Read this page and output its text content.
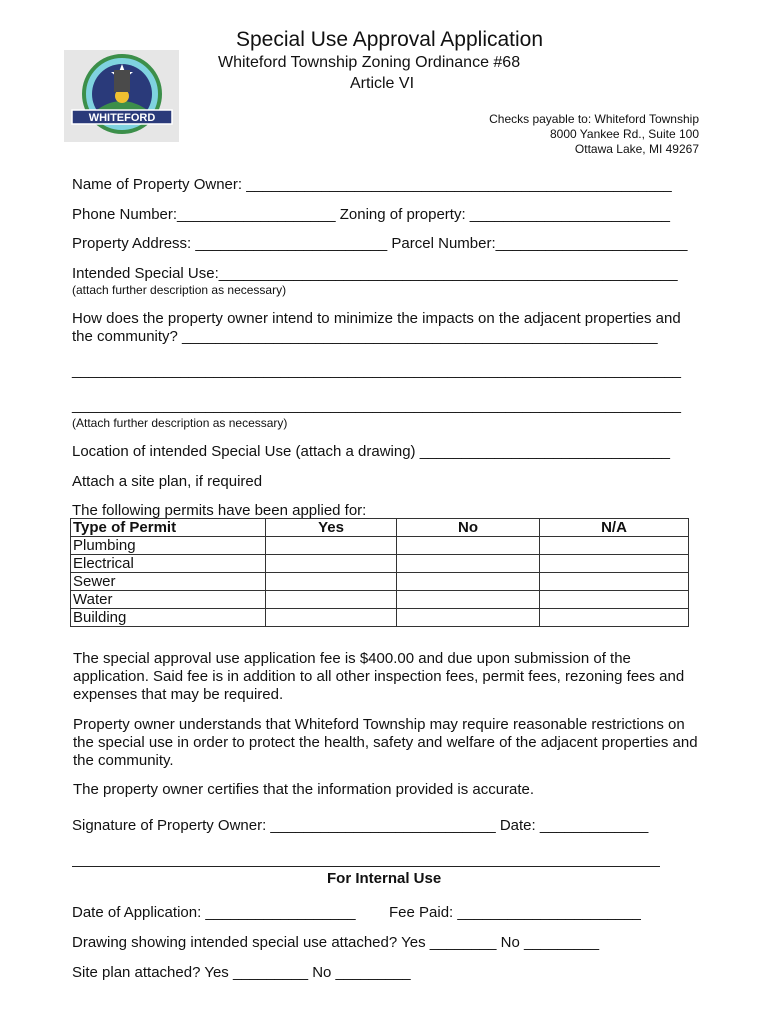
WHITEFORD
Special Use Approval Application
Whiteford Township Zoning Ordinance #68
Article VI
Checks payable to: Whiteford Township
8000 Yankee Rd., Suite 100
Ottawa Lake, MI 49267
Name of Property Owner: ___________________________________________________
Phone Number:___________________ Zoning of property: ________________________
Property Address: _______________________ Parcel Number:_______________________
Intended Special Use:_______________________________________________________
(attach further description as necessary)
How does the property owner intend to minimize the impacts on the adjacent properties and
the community? _________________________________________________________
_________________________________________________________________________
_________________________________________________________________________
(Attach further description as necessary)
Location of intended Special Use (attach a drawing) ______________________________
Attach a site plan, if required
The following permits have been applied for:
Type of Permit	Yes	No	N/A
Plumbing			
Electrical			
Sewer			
Water			
Building			
The special approval use application fee is $400.00 and due upon submission of the application. Said fee is in addition to all other inspection fees, permit fees, rezoning fees and expenses that may be required.
Property owner understands that Whiteford Township may require reasonable restrictions on the special use in order to protect the health, safety and welfare of the adjacent properties and the community.
The property owner certifies that the information provided is accurate.
Signature of Property Owner: ___________________________ Date: _____________
For Internal Use
Date of Application: __________________ Fee Paid: ______________________
Drawing showing intended special use attached? Yes ________ No _________
Site plan attached? Yes _________ No _________
